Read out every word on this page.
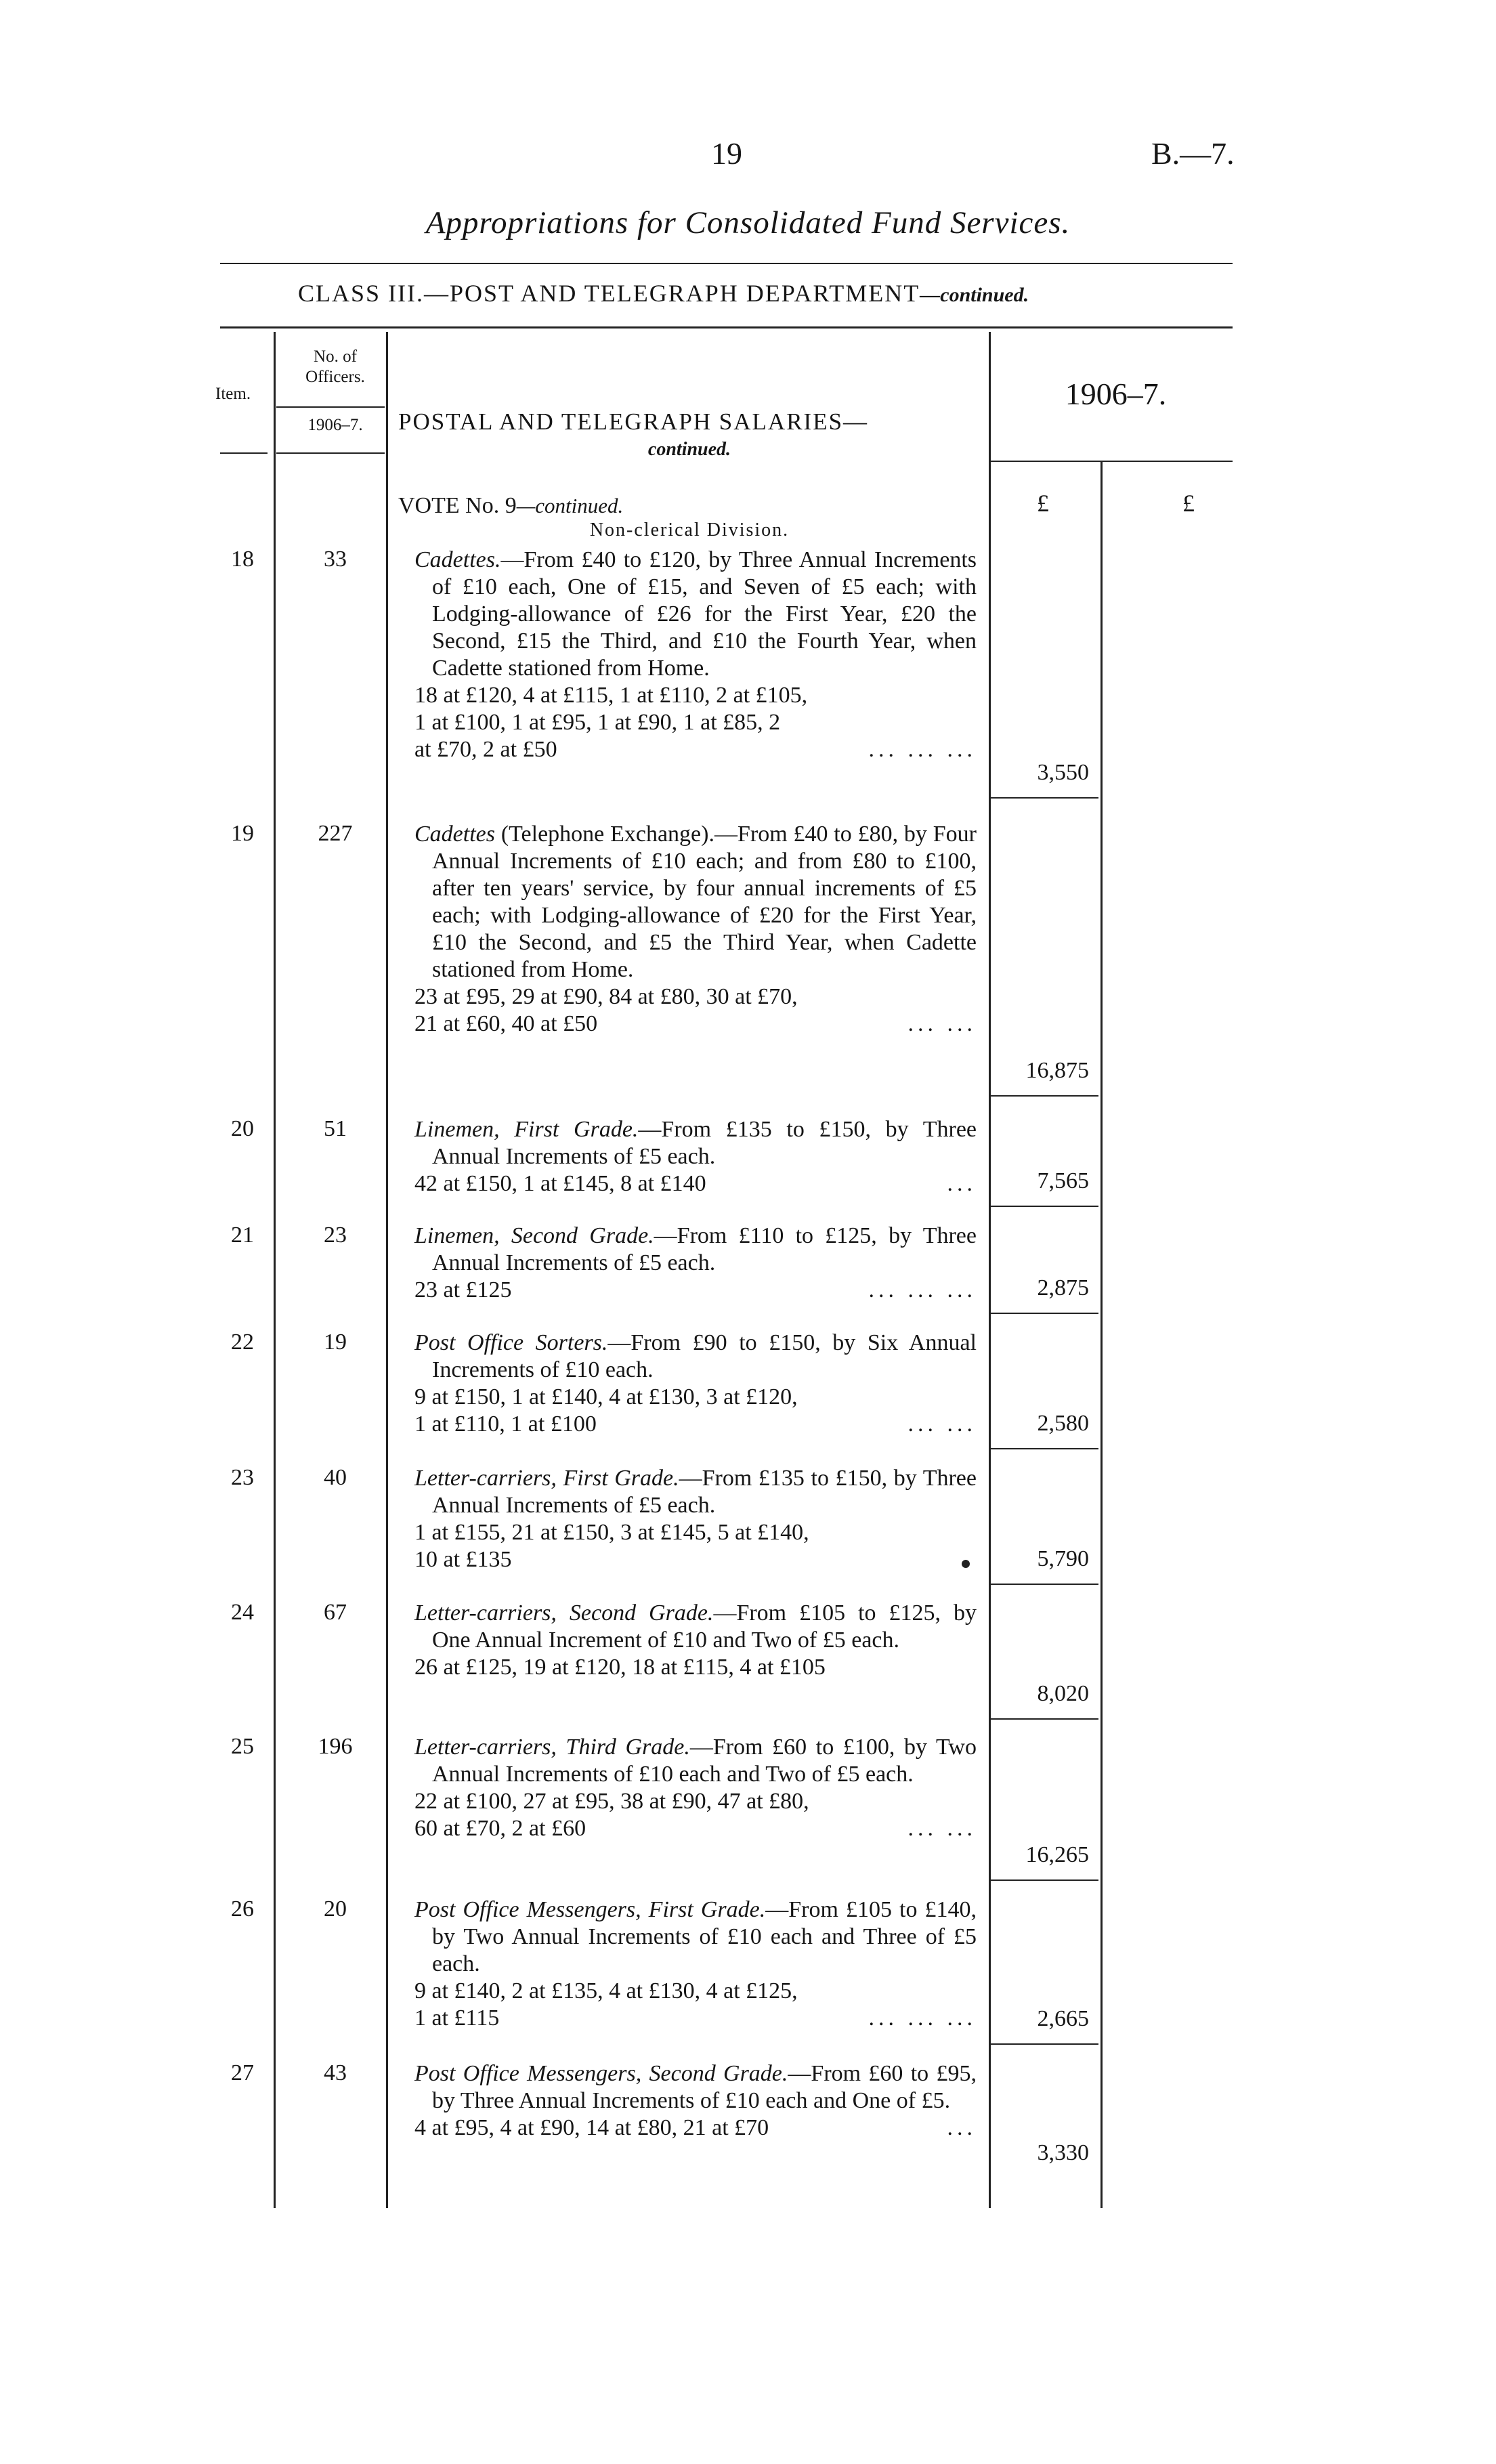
19	B.—7.
Appropriations for Consolidated Fund Services.
CLASS III.—POST AND TELEGRAPH DEPARTMENT—continued.
Item.
No. of Officers.
1906–7.	POSTAL AND TELEGRAPH SALARIES—
continued.
1906–7.
£	£
VOTE No. 9—continued.
Non-clerical Division.
18	33	Cadettes.—From £40 to £120, by Three Annual Increments of £10 each, One of £15, and Seven of £5 each; with Lodging-allowance of £26 for the First Year, £20 the Second, £15 the Third, and £10 the Fourth Year, when Cadette stationed from Home.
18 at £120, 4 at £115, 1 at £110, 2 at £105,
1 at £100, 1 at £95, 1 at £90, 1 at £85, 2
at £70, 2 at £50	... ... ...
3,550
19	227	Cadettes (Telephone Exchange).—From £40 to £80, by Four Annual Increments of £10 each; and from £80 to £100, after ten years' service, by four annual increments of £5 each; with Lodging-allowance of £20 for the First Year, £10 the Second, and £5 the Third Year, when Cadette stationed from Home.
23 at £95, 29 at £90, 84 at £80, 30 at £70,
21 at £60, 40 at £50	... ...
16,875
20	51	Linemen, First Grade.—From £135 to £150, by Three Annual Increments of £5 each.
42 at £150, 1 at £145, 8 at £140	...	7,565
21	23	Linemen, Second Grade.—From £110 to £125, by Three Annual Increments of £5 each.
23 at £125	... ... ...	2,875
22	19	Post Office Sorters.—From £90 to £150, by Six Annual Increments of £10 each.
9 at £150, 1 at £140, 4 at £130, 3 at £120,
1 at £110, 1 at £100	... ...	2,580
23	40	Letter-carriers, First Grade.—From £135 to £150, by Three Annual Increments of £5 each.
1 at £155, 21 at £150, 3 at £145, 5 at £140,
10 at £135	5,790
24	67	Letter-carriers, Second Grade.—From £105 to £125, by One Annual Increment of £10 and Two of £5 each.
26 at £125, 19 at £120, 18 at £115, 4 at £105
8,020
25	196	Letter-carriers, Third Grade.—From £60 to £100, by Two Annual Increments of £10 each and Two of £5 each.
22 at £100, 27 at £95, 38 at £90, 47 at £80,
60 at £70, 2 at £60	... ...
16,265
26	20	Post Office Messengers, First Grade.—From £105 to £140, by Two Annual Increments of £10 each and Three of £5 each.
9 at £140, 2 at £135, 4 at £130, 4 at £125,
1 at £115	... ... ...	2,665
27	43	Post Office Messengers, Second Grade.—From £60 to £95, by Three Annual Increments of £10 each and One of £5.
4 at £95, 4 at £90, 14 at £80, 21 at £70	...
3,330
